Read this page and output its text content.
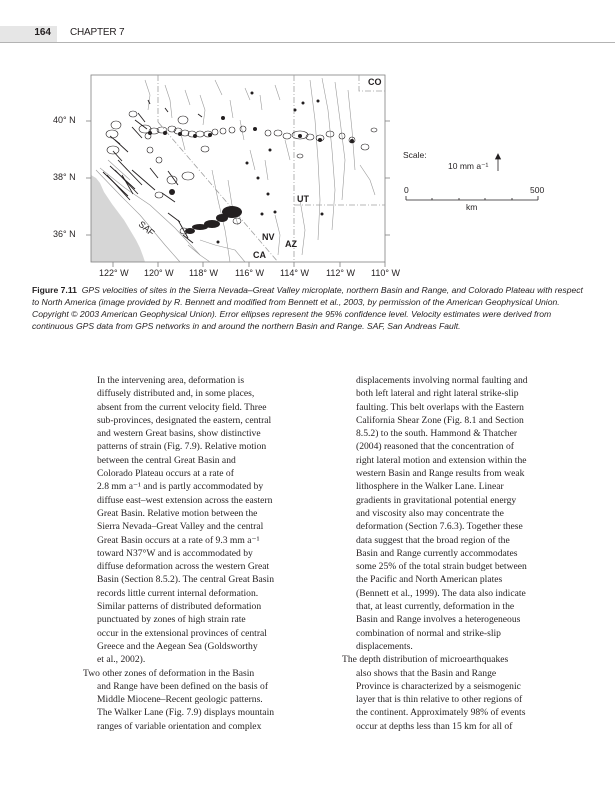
164 CHAPTER 7
40° N
38° N
36° N
122° W 120° W 118° W 116° W 114° W 112° W 110° W
CO
UT
NV
AZ
CA
SAF
Scale:
10 mm a⁻¹
0	500
km
Figure 7.11 GPS velocities of sites in the Sierra Nevada–Great Valley microplate, northern Basin and Range, and Colorado Plateau with respect to North America (image provided by R. Bennett and modified from Bennett et al., 2003, by permission of the American Geophysical Union. Copyright © 2003 American Geophysical Union). Error ellipses represent the 95% confidence level. Velocity estimates were derived from continuous GPS data from GPS networks in and around the northern Basin and Range. SAF, San Andreas Fault.
In the intervening area, deformation is
diffusely distributed and, in some places,
absent from the current velocity field. Three
sub-provinces, designated the eastern, central
and western Great basins, show distinctive
patterns of strain (Fig. 7.9). Relative motion
between the central Great Basin and
Colorado Plateau occurs at a rate of
2.8 mm a⁻¹ and is partly accommodated by
diffuse east–west extension across the eastern
Great Basin. Relative motion between the
Sierra Nevada–Great Valley and the central
Great Basin occurs at a rate of 9.3 mm a⁻¹
toward N37°W and is accommodated by
diffuse deformation across the western Great
Basin (Section 8.5.2). The central Great Basin
records little current internal deformation.
Similar patterns of distributed deformation
punctuated by zones of high strain rate
occur in the extensional provinces of central
Greece and the Aegean Sea (Goldsworthy
et al., 2002).
Two other zones of deformation in the Basin
and Range have been defined on the basis of
Middle Miocene–Recent geologic patterns.
The Walker Lane (Fig. 7.9) displays mountain
ranges of variable orientation and complex
displacements involving normal faulting and
both left lateral and right lateral strike-slip
faulting. This belt overlaps with the Eastern
California Shear Zone (Fig. 8.1 and Section
8.5.2) to the south. Hammond & Thatcher
(2004) reasoned that the concentration of
right lateral motion and extension within the
western Basin and Range results from weak
lithosphere in the Walker Lane. Linear
gradients in gravitational potential energy
and viscosity also may concentrate the
deformation (Section 7.6.3). Together these
data suggest that the broad region of the
Basin and Range currently accommodates
some 25% of the total strain budget between
the Pacific and North American plates
(Bennett et al., 1999). The data also indicate
that, at least currently, deformation in the
Basin and Range involves a heterogeneous
combination of normal and strike-slip
displacements.
The depth distribution of microearthquakes
also shows that the Basin and Range
Province is characterized by a seismogenic
layer that is thin relative to other regions of
the continent. Approximately 98% of events
occur at depths less than 15 km for all of
